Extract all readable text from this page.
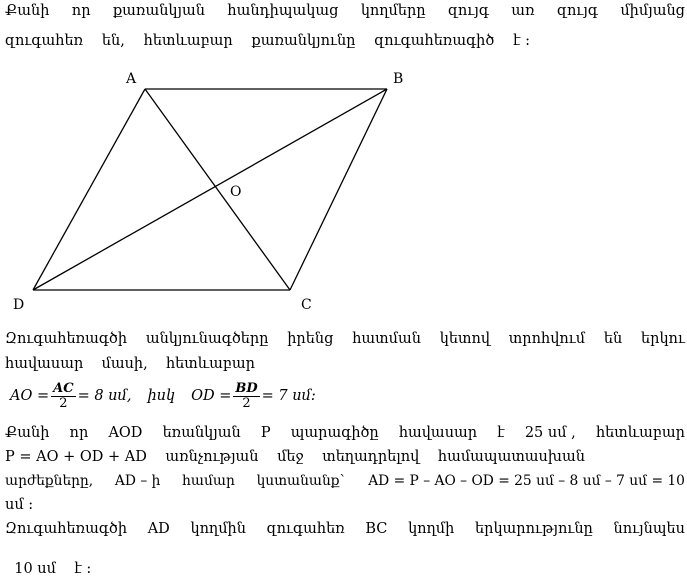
Քանի որ քառանկյան հանդիպակաց կողմերը զույգ առ զույգ միմյանց
զուգահեռ են, հետևաբար քառանկյունը զուգահեռագիծ է :
A	B
C
D
O
Զուգահեռագծի անկյունագծերը իրենց հատման կետով տրոհվում են երկու
հավասար մասի, հետևաբար
AO = $\frac{AC}{2} = 8$ սմ, իսկ OD = $\frac{BD}{2} = 7$ սմ:
Քանի որ AOD եռանկյան P պարագիծը հավասար է 25 սմ , հետևաբար
P = AO + OD + AD առնչության մեջ տեղադրելով համապատասխան
արժեքները, AD – ի համար կստանանք` AD = P – AO – OD = 25 սմ – 8 սմ – 7 սմ = 10
սմ :
Զուգահեռագծի AD կողմին զուգահեռ BC կողմի երկարությունը նույնպես

10 սմ    է :
